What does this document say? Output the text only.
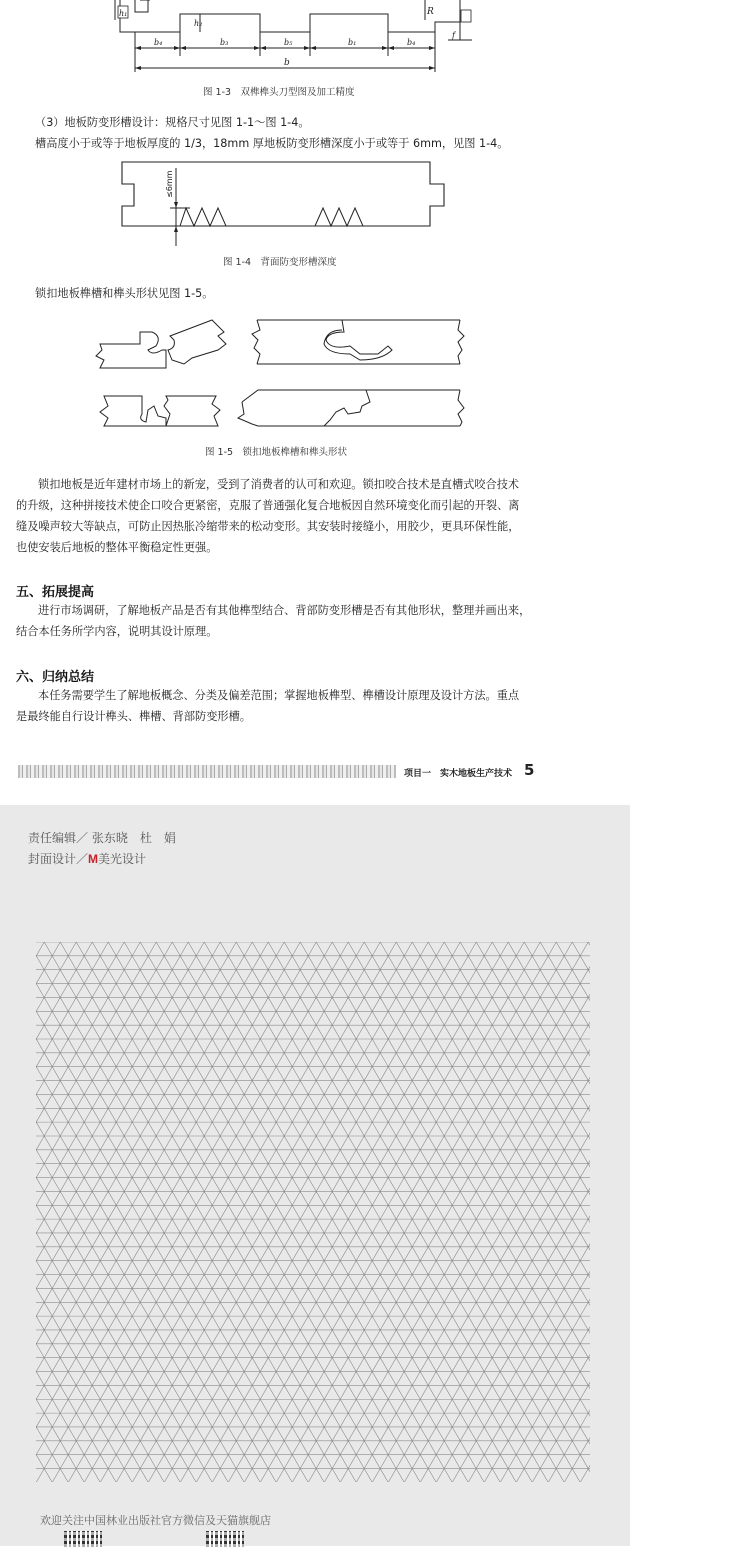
h₁
h₂
R
f
b₄	b₃	b₅	b₁	b₄
b
图 1-3　双榫榫头刀型图及加工精度
（3）地板防变形槽设计：规格尺寸见图 1-1～图 1-4。
槽高度小于或等于地板厚度的 1/3，18mm 厚地板防变形槽深度小于或等于 6mm，见图 1-4。
≤6mm
图 1-4　背面防变形槽深度
锁扣地板榫槽和榫头形状见图 1-5。
图 1-5　锁扣地板榫槽和榫头形状

锁扣地板是近年建材市场上的新宠，受到了消费者的认可和欢迎。锁扣咬合技术是直槽式咬合技术

的升级，这种拼接技术使企口咬合更紧密，克服了普通强化复合地板因自然环境变化而引起的开裂、离

缝及噪声较大等缺点，可防止因热胀冷缩带来的松动变形。其安装时接缝小，用胶少，更具环保性能，

也使安装后地板的整体平衡稳定性更强。

五、拓展提高

进行市场调研，了解地板产品是否有其他榫型结合、背部防变形槽是否有其他形状，整理并画出来，

结合本任务所学内容，说明其设计原理。

六、归纳总结

本任务需要学生了解地板概念、分类及偏差范围；掌握地板榫型、榫槽设计原理及设计方法。重点

是最终能自行设计榫头、榫槽、背部防变形槽。

项目一　实木地板生产技术 5
责任编辑／ 张东晓　杜　娟
封面设计／M美光设计
欢迎关注中国林业出版社官方微信及天猫旗舰店
